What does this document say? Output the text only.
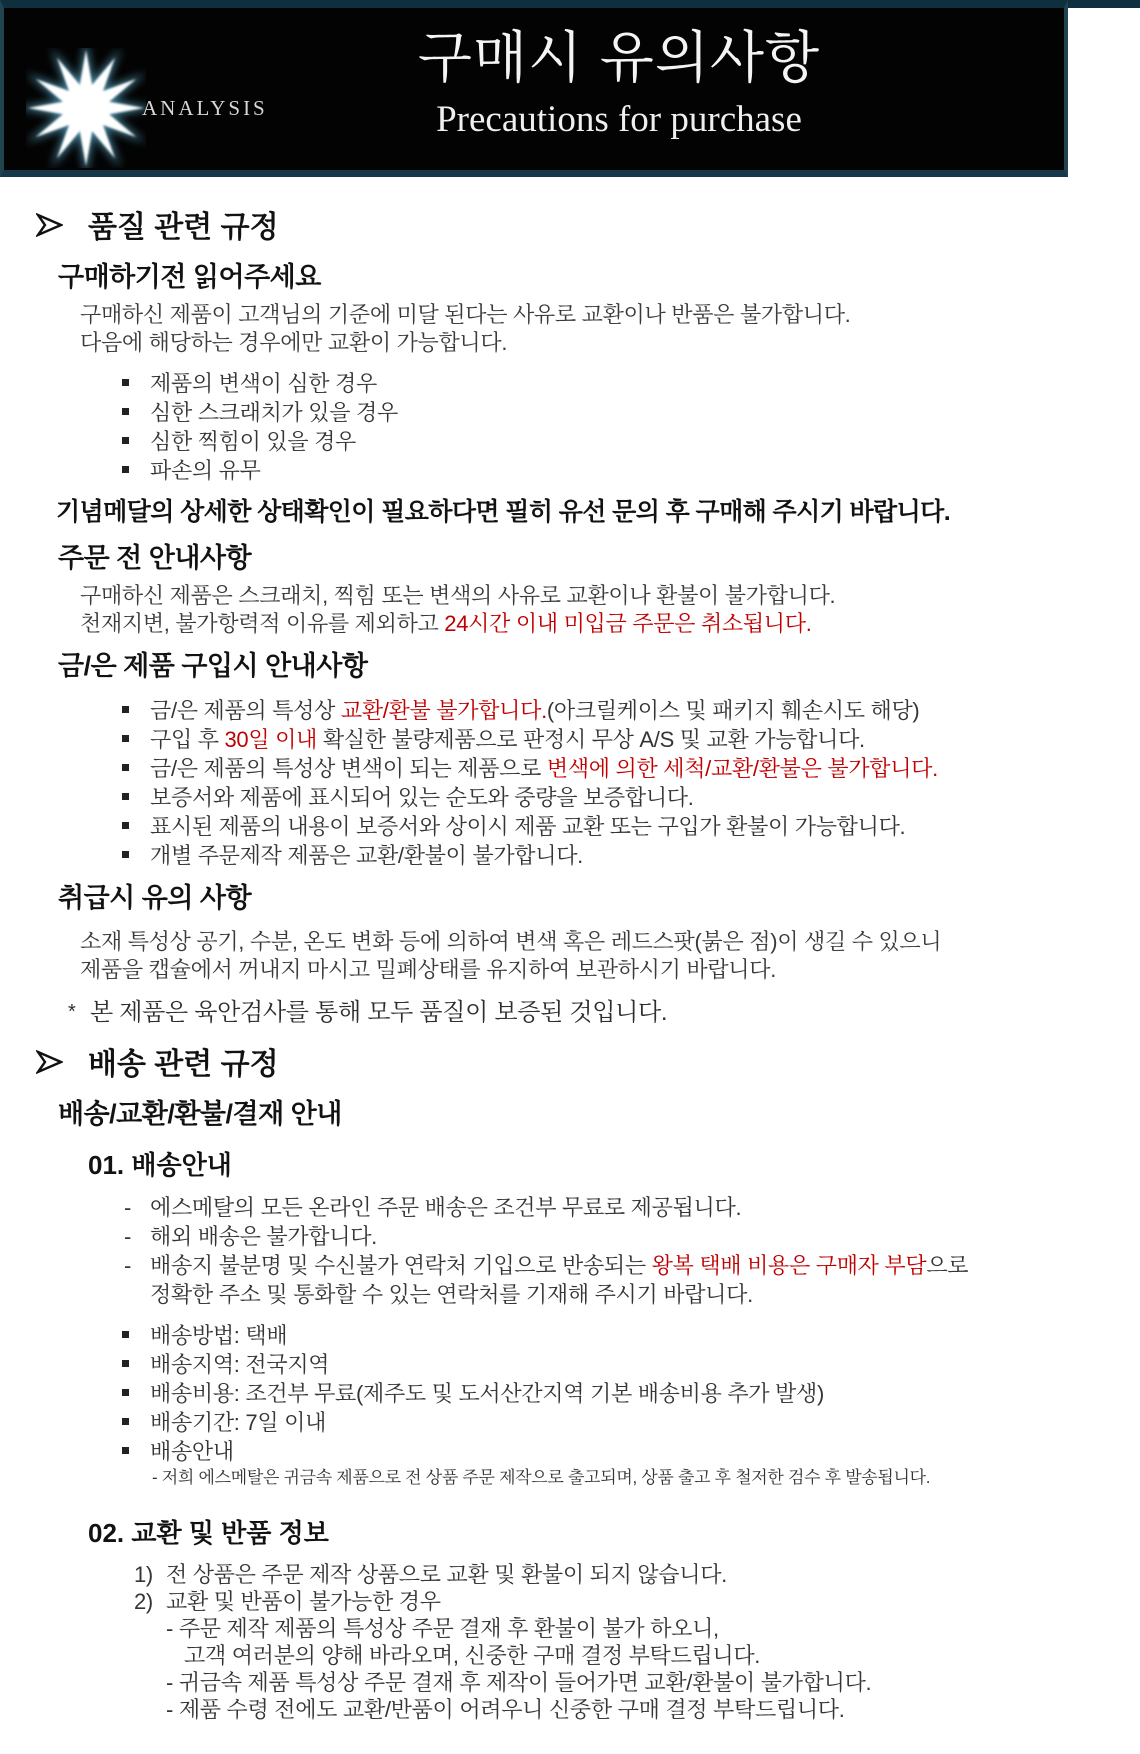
ANALYSIS
구매시 유의사항
Precautions for purchase
품질 관련 규정
구매하기전 읽어주세요
구매하신 제품이 고객님의 기준에 미달 된다는 사유로 교환이나 반품은 불가합니다.
다음에 해당하는 경우에만 교환이 가능합니다.
제품의 변색이 심한 경우
심한 스크래치가 있을 경우
심한 찍힘이 있을 경우
파손의 유무
기념메달의 상세한 상태확인이 필요하다면 필히 유선 문의 후 구매해 주시기 바랍니다.
주문 전 안내사항
구매하신 제품은 스크래치, 찍힘 또는 변색의 사유로 교환이나 환불이 불가합니다.
천재지변, 불가항력적 이유를 제외하고 24시간 이내 미입금 주문은 취소됩니다.
금/은 제품 구입시 안내사항
금/은 제품의 특성상 교환/환불 불가합니다.(아크릴케이스 및 패키지 훼손시도 해당)
구입 후 30일 이내 확실한 불량제품으로 판정시 무상 A/S 및 교환 가능합니다.
금/은 제품의 특성상 변색이 되는 제품으로 변색에 의한 세척/교환/환불은 불가합니다.
보증서와 제품에 표시되어 있는 순도와 중량을 보증합니다.
표시된 제품의 내용이 보증서와 상이시 제품 교환 또는 구입가 환불이 가능합니다.
개별 주문제작 제품은 교환/환불이 불가합니다.
취급시 유의 사항
소재 특성상 공기, 수분, 온도 변화 등에 의하여 변색 혹은 레드스팟(붉은 점)이 생길 수 있으니
제품을 캡슐에서 꺼내지 마시고 밀폐상태를 유지하여 보관하시기 바랍니다.
* 본 제품은 육안검사를 통해 모두 품질이 보증된 것입니다.
배송 관련 규정
배송/교환/환불/결재 안내
01. 배송안내
- 에스메탈의 모든 온라인 주문 배송은 조건부 무료로 제공됩니다.
- 해외 배송은 불가합니다.
- 배송지 불분명 및 수신불가 연락처 기입으로 반송되는 왕복 택배 비용은 구매자 부담으로
정확한 주소 및 통화할 수 있는 연락처를 기재해 주시기 바랍니다.
배송방법: 택배
배송지역: 전국지역
배송비용: 조건부 무료(제주도 및 도서산간지역 기본 배송비용 추가 발생)
배송기간: 7일 이내
배송안내
- 저희 에스메탈은 귀금속 제품으로 전 상품 주문 제작으로 출고되며, 상품 출고 후 철저한 검수 후 발송됩니다.
02. 교환 및 반품 정보
1) 전 상품은 주문 제작 상품으로 교환 및 환불이 되지 않습니다.
2) 교환 및 반품이 불가능한 경우
- 주문 제작 제품의 특성상 주문 결재 후 환불이 불가 하오니,
고객 여러분의 양해 바라오며, 신중한 구매 결정 부탁드립니다.
- 귀금속 제품 특성상 주문 결재 후 제작이 들어가면 교환/환불이 불가합니다.
- 제품 수령 전에도 교환/반품이 어려우니 신중한 구매 결정 부탁드립니다.
